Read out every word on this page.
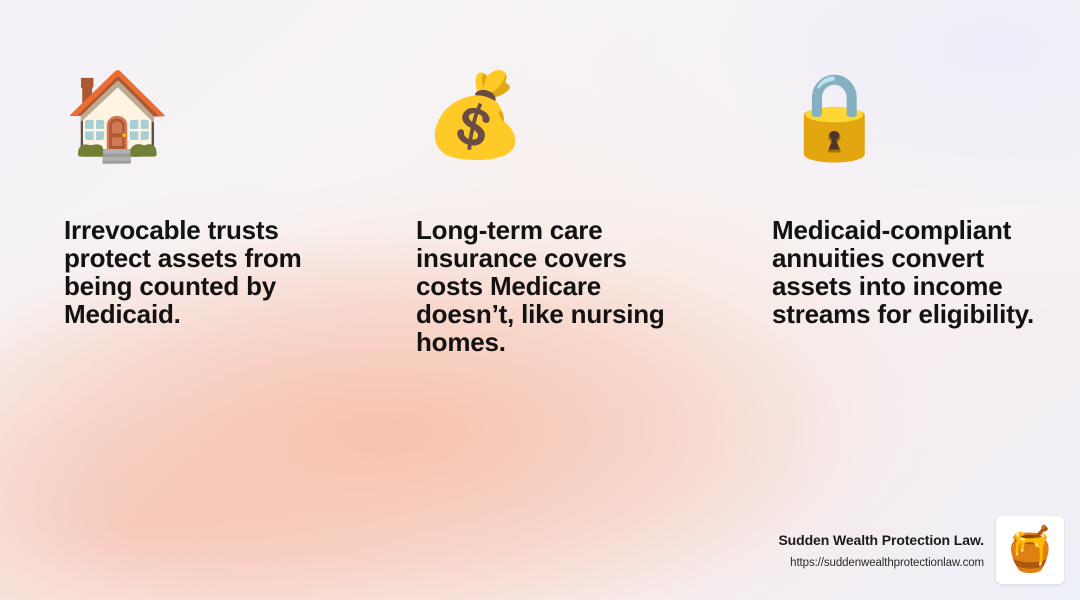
🏠
Irrevocable trusts protect assets from being counted by Medicaid.
💰
Long-term care insurance covers costs Medicare doesn’t, like nursing homes.
🔒
Medicaid-compliant annuities convert assets into income streams for eligibility.
Sudden Wealth Protection Law.
https://suddenwealthprotectionlaw.com 🍯
